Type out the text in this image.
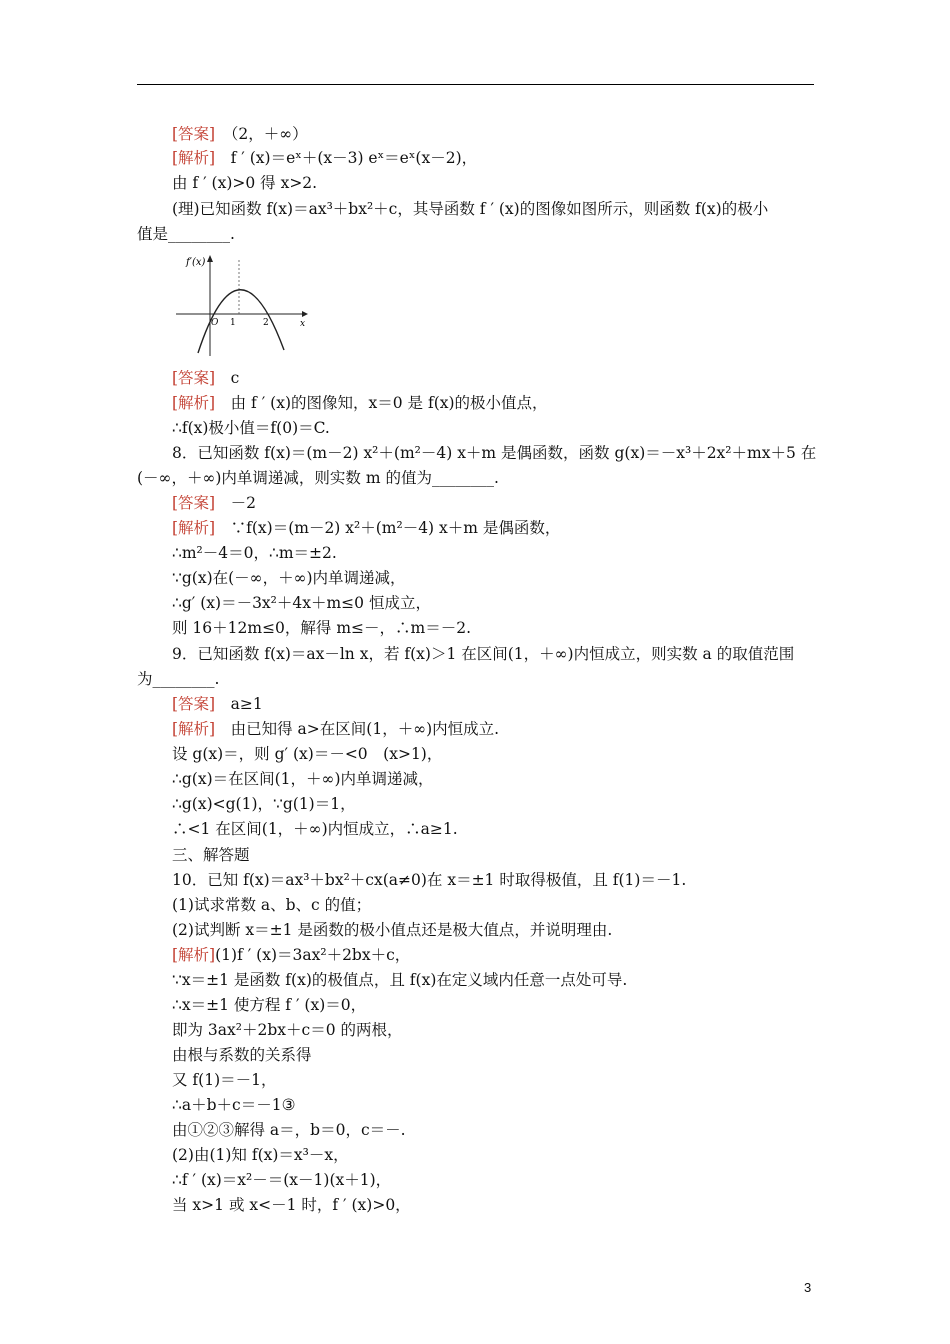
[答案]　 （2，＋∞）
[解析]　 f ′ (x)＝eˣ＋(x－3) eˣ＝eˣ(x－2)，
由 f ′ (x)>0 得 x>2.
(理)已知函数 f(x)＝ax³＋bx²＋c，其导函数 f ′ (x)的图像如图所示，则函数 f(x)的极小
值是________.
[答案]　 c
[解析]　 由 f ′ (x)的图像知，x＝0 是 f(x)的极小值点，
∴f(x)极小值＝f(0)＝C.
8．已知函数 f(x)＝(m－2) x²＋(m²－4) x＋m 是偶函数，函数 g(x)＝－x³＋2x²＋mx＋5 在
(－∞，＋∞)内单调递减，则实数 m 的值为________.
[答案]　 －2
[解析]　 ∵f(x)＝(m－2) x²＋(m²－4) x＋m 是偶函数，
∴m²－4＝0，∴m＝±2.
∵g(x)在(－∞，＋∞)内单调递减，
∴g′ (x)＝－3x²＋4x＋m≤0 恒成立，
则 16＋12m≤0，解得 m≤－，∴m＝－2.
9．已知函数 f(x)＝ax－ln x，若 f(x)＞1 在区间(1，＋∞)内恒成立，则实数 a 的取值范围
为________.
[答案]　 a≥1
[解析]　 由已知得 a>在区间(1，＋∞)内恒成立.
设 g(x)＝，则 g′ (x)＝－<0　(x>1)，
∴g(x)＝在区间(1，＋∞)内单调递减，
∴g(x)<g(1)，∵g(1)＝1，
∴<1 在区间(1，＋∞)内恒成立，∴a≥1.
三、解答题
10．已知 f(x)＝ax³＋bx²＋cx(a≠0)在 x＝±1 时取得极值，且 f(1)＝－1.
(1)试求常数 a、b、c 的值；
(2)试判断 x＝±1 是函数的极小值点还是极大值点，并说明理由.
[解析](1)f ′ (x)＝3ax²＋2bx＋c，
∵x＝±1 是函数 f(x)的极值点，且 f(x)在定义域内任意一点处可导.
∴x＝±1 使方程 f ′ (x)＝0，
即为 3ax²＋2bx＋c＝0 的两根，
由根与系数的关系得
又 f(1)＝－1，
∴a＋b＋c＝－1③
由①②③解得 a＝，b＝0，c＝－.
(2)由(1)知 f(x)＝x³－x，
∴f ′ (x)＝x²－＝(x－1)(x＋1)，
当 x>1 或 x<－1 时，f ′ (x)>0，
f′(x)
x
O 1	2
3
